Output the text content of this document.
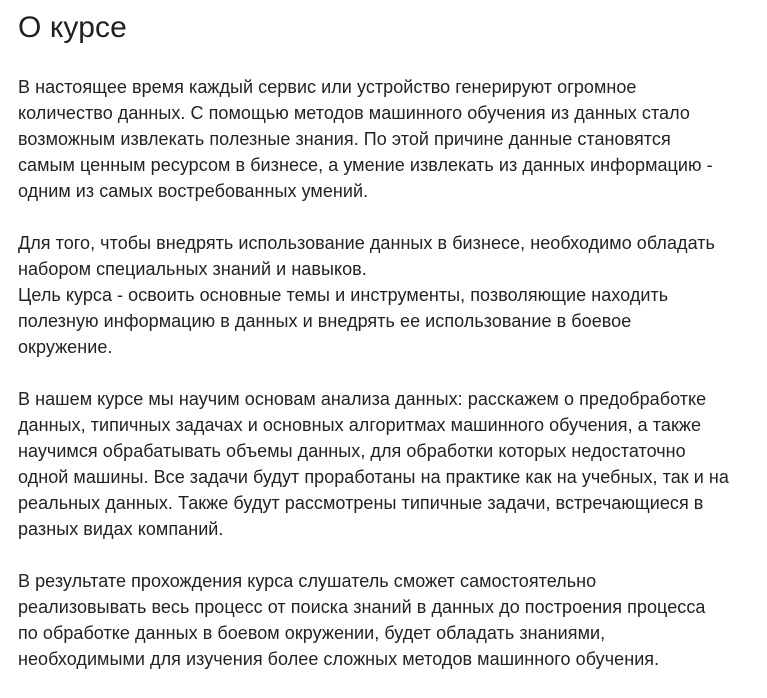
О курсе

В настоящее время каждый сервис или устройство генерируют огромное
количество данных. С помощью методов машинного обучения из данных стало
возможным извлекать полезные знания. По этой причине данные становятся
самым ценным ресурсом в бизнесе, а умение извлекать из данных информацию -
одним из самых востребованных умений.

Для того, чтобы внедрять использование данных в бизнесе, необходимо обладать
набором специальных знаний и навыков.
Цель курса - освоить основные темы и инструменты, позволяющие находить
полезную информацию в данных и внедрять ее использование в боевое
окружение.

В нашем курсе мы научим основам анализа данных: расскажем о предобработке
данных, типичных задачах и основных алгоритмах машинного обучения, а также
научимся обрабатывать объемы данных, для обработки которых недостаточно
одной машины. Все задачи будут проработаны на практике как на учебных, так и на
реальных данных. Также будут рассмотрены типичные задачи, встречающиеся в
разных видах компаний.

В результате прохождения курса слушатель сможет самостоятельно
реализовывать весь процесс от поиска знаний в данных до построения процесса
по обработке данных в боевом окружении, будет обладать знаниями,
необходимыми для изучения более сложных методов машинного обучения.
